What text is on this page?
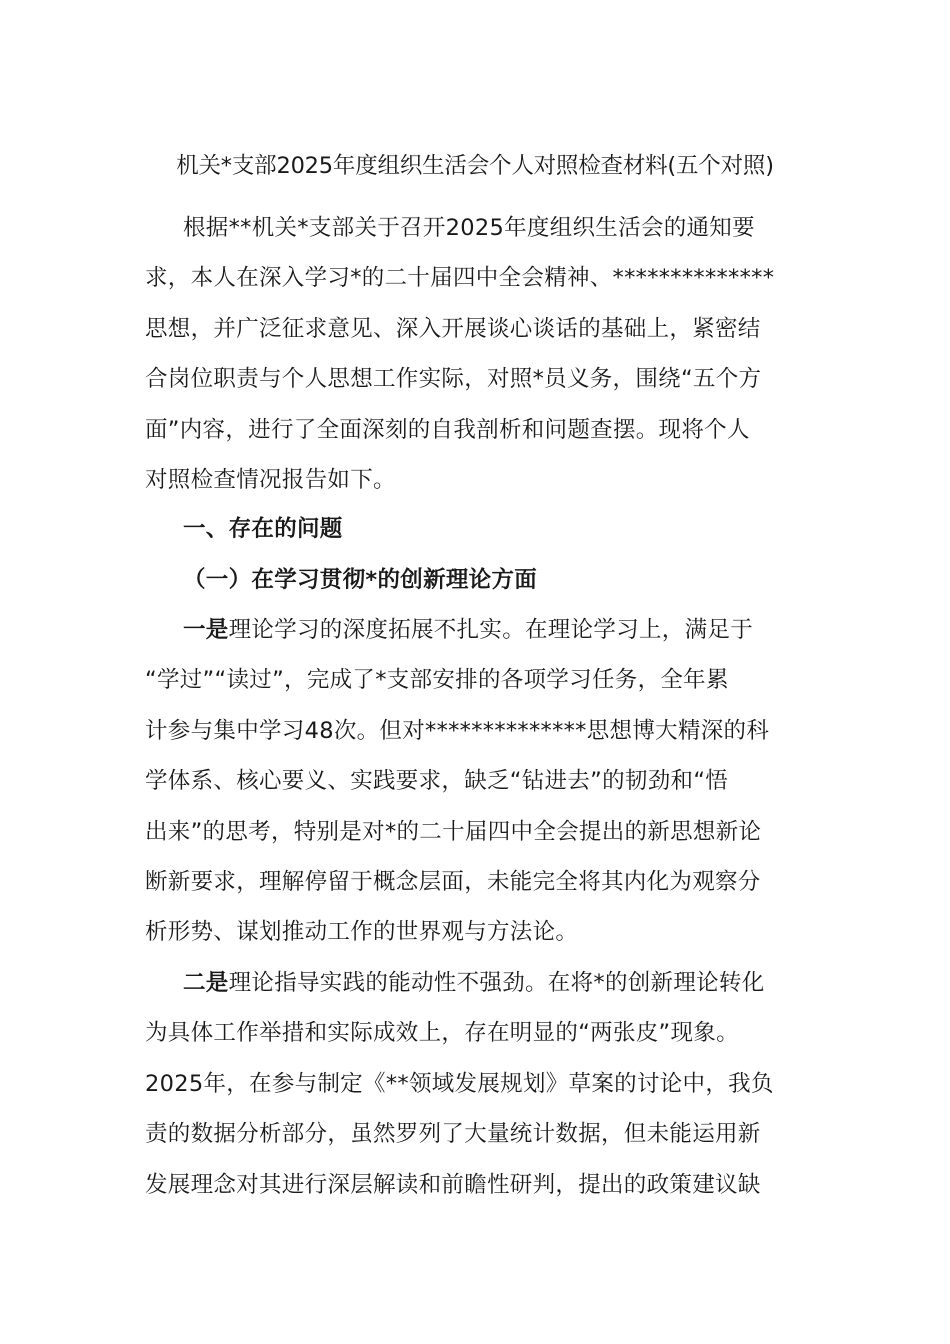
机关*支部2025年度组织生活会个人对照检查材料(五个对照)
根据**机关*支部关于召开2025年度组织生活会的通知要
求，本人在深入学习*的二十届四中全会精神、**************
思想，并广泛征求意见、深入开展谈心谈话的基础上，紧密结
合岗位职责与个人思想工作实际，对照*员义务，围绕“五个方
面”内容，进行了全面深刻的自我剖析和问题查摆。现将个人
对照检查情况报告如下。
一、存在的问题
（一）在学习贯彻*的创新理论方面
一是理论学习的深度拓展不扎实。在理论学习上，满足于
“学过”“读过”，完成了*支部安排的各项学习任务，全年累
计参与集中学习48次。但对**************思想博大精深的科
学体系、核心要义、实践要求，缺乏“钻进去”的韧劲和“悟
出来”的思考，特别是对*的二十届四中全会提出的新思想新论
断新要求，理解停留于概念层面，未能完全将其内化为观察分
析形势、谋划推动工作的世界观与方法论。
二是理论指导实践的能动性不强劲。在将*的创新理论转化
为具体工作举措和实际成效上，存在明显的“两张皮”现象。
2025年，在参与制定《**领域发展规划》草案的讨论中，我负
责的数据分析部分，虽然罗列了大量统计数据，但未能运用新
发展理念对其进行深层解读和前瞻性研判，提出的政策建议缺
